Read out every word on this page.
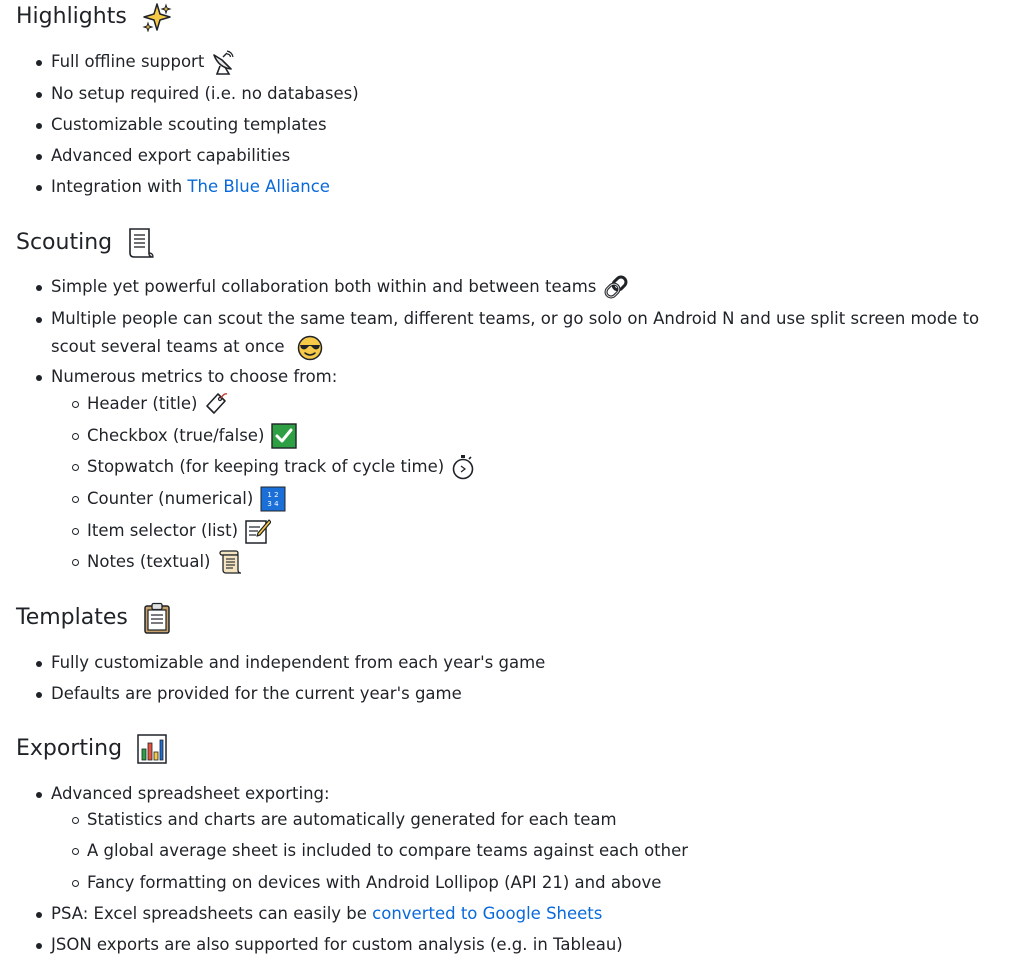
Highlights
Full offline support
No setup required (i.e. no databases)
Customizable scouting templates
Advanced export capabilities
Integration with The Blue Alliance
Scouting
Simple yet powerful collaboration both within and between teams
Multiple people can scout the same team, different teams, or go solo on Android N and use split screen mode to scout several teams at once
Numerous metrics to choose from:
Header (title)
Checkbox (true/false)
Stopwatch (for keeping track of cycle time)
Counter (numerical) 1 2
3 4
Item selector (list)
Notes (textual)
Templates
Fully customizable and independent from each year's game
Defaults are provided for the current year's game
Exporting
Advanced spreadsheet exporting:
Statistics and charts are automatically generated for each team
A global average sheet is included to compare teams against each other
Fancy formatting on devices with Android Lollipop (API 21) and above
PSA: Excel spreadsheets can easily be converted to Google Sheets
JSON exports are also supported for custom analysis (e.g. in Tableau)
